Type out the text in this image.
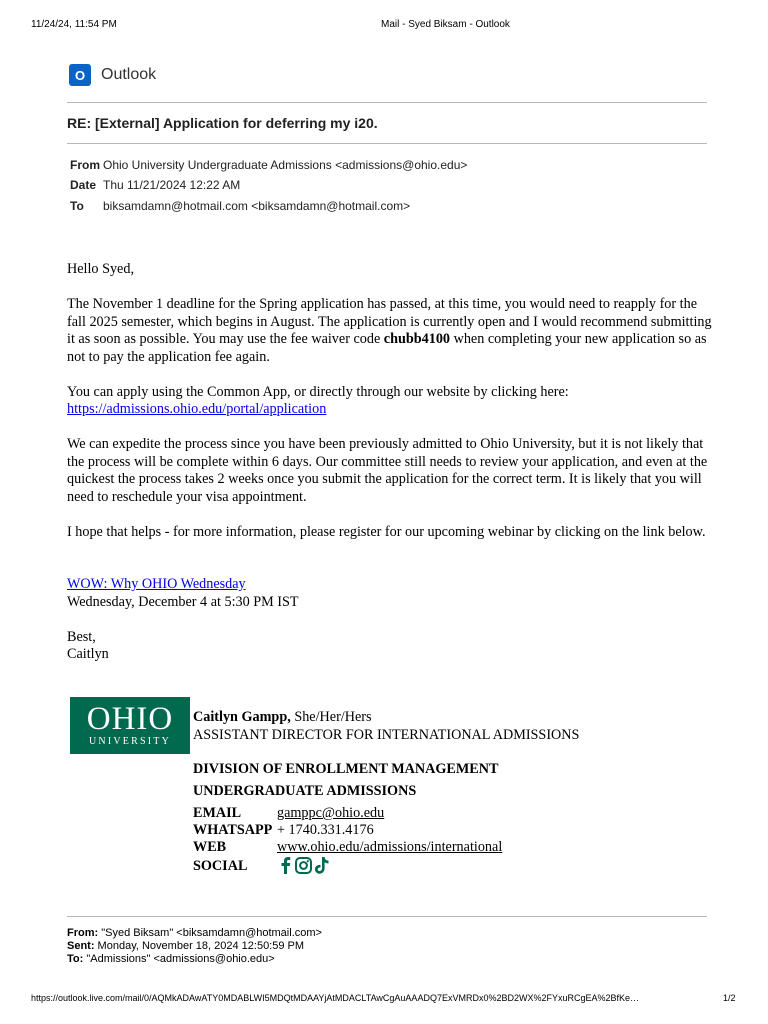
11/24/24, 11:54 PM	Mail - Syed Biksam - Outlook
O Outlook
RE: [External] Application for deferring my i20.
From Ohio University Undergraduate Admissions <admissions@ohio.edu>
Date Thu 11/21/2024 12:22 AM
To	biksamdamn@hotmail.com <biksamdamn@hotmail.com>

Hello Syed,

The November 1 deadline for the Spring application has passed, at this time, you would need to reapply for the fall 2025 semester, which begins in August. The application is currently open and I would recommend submitting it as soon as possible. You may use the fee waiver code chubb4100 when completing your new application so as not to pay the application fee again.

You can apply using the Common App, or directly through our website by clicking here:
https://admissions.ohio.edu/portal/application

We can expedite the process since you have been previously admitted to Ohio University, but it is not likely that the process will be complete within 6 days. Our committee still needs to review your application, and even at the quickest the process takes 2 weeks once you submit the application for the correct term. It is likely that you will need to reschedule your visa appointment.

I hope that helps - for more information, please register for our upcoming webinar by clicking on the link below.

WOW: Why OHIO Wednesday
Wednesday, December 4 at 5:30 PM IST

Best,
Caitlyn

OHIO
UNIVERSITY
Caitlyn Gampp, She/Her/Hers
ASSISTANT DIRECTOR FOR INTERNATIONAL ADMISSIONS
DIVISION OF ENROLLMENT MANAGEMENT
UNDERGRADUATE ADMISSIONS
EMAIL	gamppc@ohio.edu
WHATSAPP + 1740.331.4176
WEB	www.ohio.edu/admissions/international
SOCIAL
From: "Syed Biksam" <biksamdamn@hotmail.com>
Sent: Monday, November 18, 2024 12:50:59 PM
To: "Admissions" <admissions@ohio.edu>
https://outlook.live.com/mail/0/AQMkADAwATY0MDABLWI5MDQtMDAAYjAtMDACLTAwCgAuAAADQ7ExVMRDx0%2BD2WX%2FYxuRCgEA%2BfKe…	1/2
